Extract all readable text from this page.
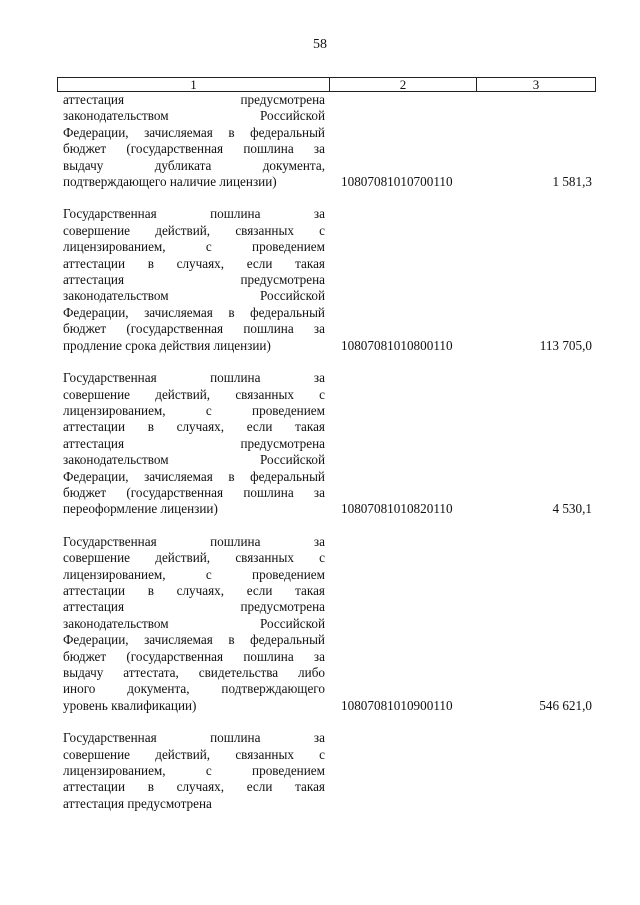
58
1	2	3
аттестация предусмотрена
законодательством Российской
Федерации, зачисляемая в федеральный
бюджет (государственная пошлина за
выдачу дубликата документа,
подтверждающего наличие лицензии)	10807081010700110	1 581,3
Государственная пошлина за
совершение действий, связанных с
лицензированием, с проведением
аттестации в случаях, если такая
аттестация предусмотрена
законодательством Российской
Федерации, зачисляемая в федеральный
бюджет (государственная пошлина за
продление срока действия лицензии)	10807081010800110	113 705,0
Государственная пошлина за
совершение действий, связанных с
лицензированием, с проведением
аттестации в случаях, если такая
аттестация предусмотрена
законодательством Российской
Федерации, зачисляемая в федеральный
бюджет (государственная пошлина за
переоформление лицензии)	10807081010820110	4 530,1
Государственная пошлина за
совершение действий, связанных с
лицензированием, с проведением
аттестации в случаях, если такая
аттестация предусмотрена
законодательством Российской
Федерации, зачисляемая в федеральный
бюджет (государственная пошлина за
выдачу аттестата, свидетельства либо
иного документа, подтверждающего
уровень квалификации)	10807081010900110	546 621,0
Государственная пошлина за
совершение действий, связанных с
лицензированием, с проведением
аттестации в случаях, если такая
аттестация предусмотрена
